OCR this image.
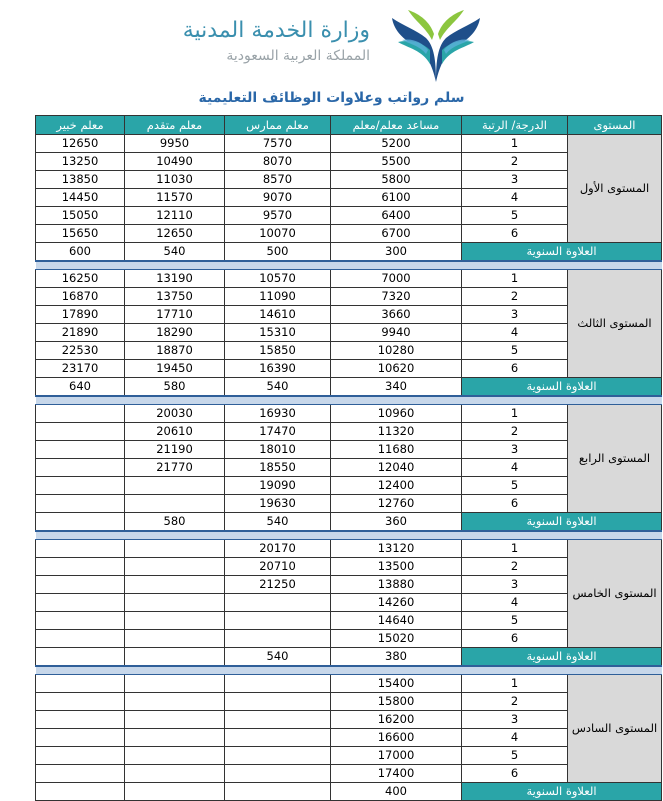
وزارة الخدمة المدنية
المملكة العربية السعودية
سلم رواتب وعلاوات الوظائف التعليمية
معلم خبير	معلم متقدم	معلم ممارس	مساعد معلم/معلم	الدرجة/ الرتبة	المستوى
12650	9950	7570	5200	1	المستوى الأول
13250	10490	8070	5500	2	
13850	11030	8570	5800	3	
14450	11570	9070	6100	4	
15050	12110	9570	6400	5	
15650	12650	10070	6700	6	
600	540	500	300	العلاوة السنوية	

16250	13190	10570	7000	1	المستوى الثالث
16870	13750	11090	7320	2	
17890	17710	14610	3660	3	
21890	18290	15310	9940	4	
22530	18870	15850	10280	5	
23170	19450	16390	10620	6	
640	580	540	340	العلاوة السنوية	

	20030	16930	10960	1	المستوى الرابع
	20610	17470	11320	2	
	21190	18010	11680	3	
	21770	18550	12040	4	
		19090	12400	5	
		19630	12760	6	
	580	540	360	العلاوة السنوية	

		20170	13120	1	المستوى الخامس
		20710	13500	2	
		21250	13880	3	
			14260	4	
			14640	5	
			15020	6	
		540	380	العلاوة السنوية	

			15400	1	المستوى السادس
			15800	2	
			16200	3	
			16600	4	
			17000	5	
			17400	6	
			400	العلاوة السنوية	
